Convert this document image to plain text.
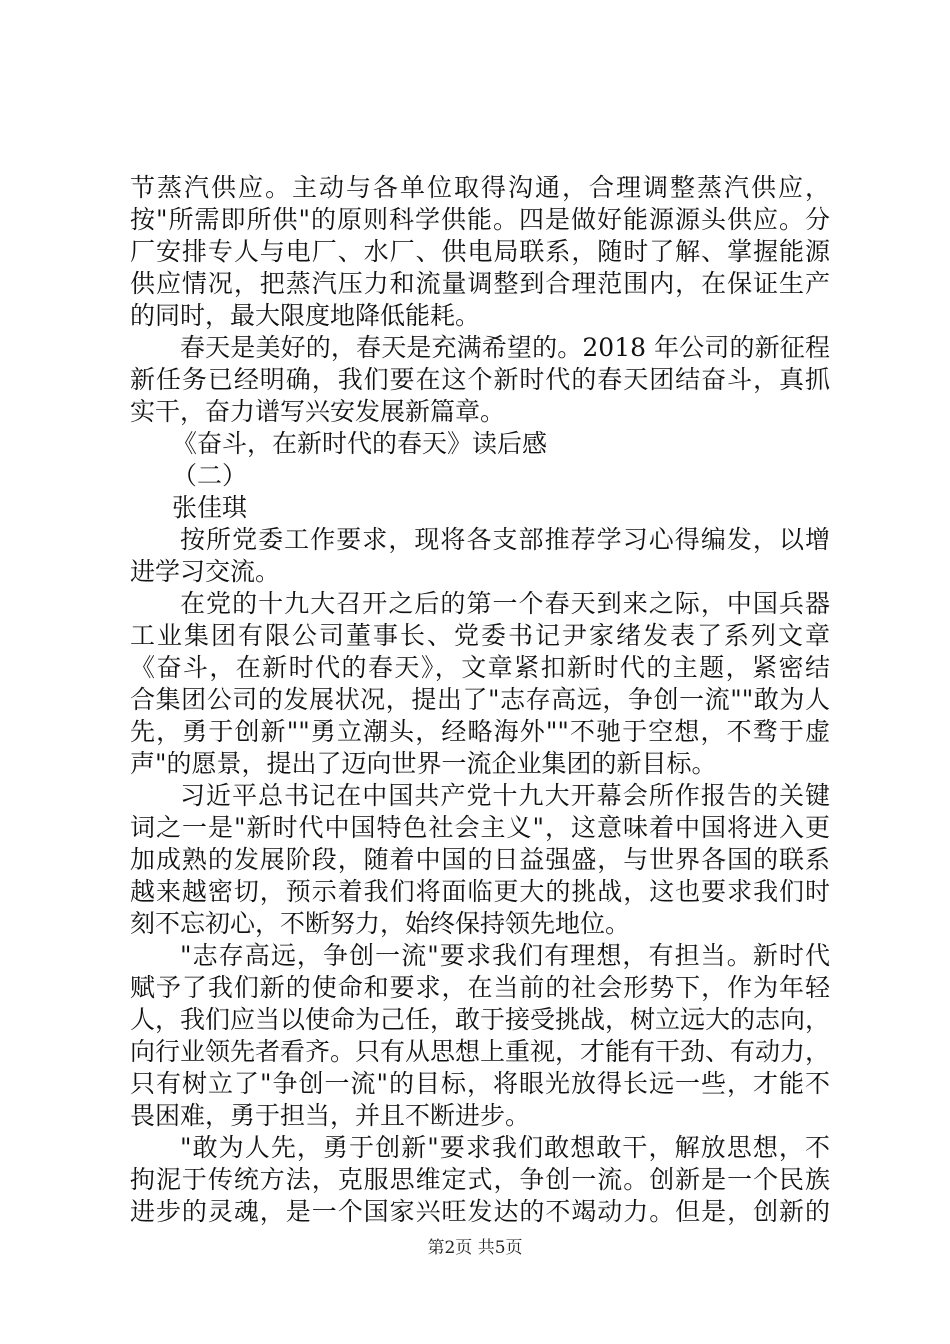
节蒸汽供应。主动与各单位取得沟通，合理调整蒸汽供应，
按"所需即所供"的原则科学供能。四是做好能源源头供应。分
厂安排专人与电厂、水厂、供电局联系，随时了解、掌握能源
供应情况，把蒸汽压力和流量调整到合理范围内，在保证生产
的同时，最大限度地降低能耗。
春天是美好的，春天是充满希望的。2018 年公司的新征程
新任务已经明确，我们要在这个新时代的春天团结奋斗，真抓
实干，奋力谱写兴安发展新篇章。
《奋斗，在新时代的春天》读后感
（二）
张佳琪
按所党委工作要求，现将各支部推荐学习心得编发，以增
进学习交流。
在党的十九大召开之后的第一个春天到来之际，中国兵器
工业集团有限公司董事长、党委书记尹家绪发表了系列文章
《奋斗，在新时代的春天》，文章紧扣新时代的主题，紧密结
合集团公司的发展状况，提出了"志存高远，争创一流""敢为人
先，勇于创新""勇立潮头，经略海外""不驰于空想，不骛于虚
声"的愿景，提出了迈向世界一流企业集团的新目标。
习近平总书记在中国共产党十九大开幕会所作报告的关键
词之一是"新时代中国特色社会主义"，这意味着中国将进入更
加成熟的发展阶段，随着中国的日益强盛，与世界各国的联系
越来越密切，预示着我们将面临更大的挑战，这也要求我们时
刻不忘初心，不断努力，始终保持领先地位。
"志存高远，争创一流"要求我们有理想，有担当。新时代
赋予了我们新的使命和要求，在当前的社会形势下，作为年轻
人，我们应当以使命为己任，敢于接受挑战，树立远大的志向，
向行业领先者看齐。只有从思想上重视，才能有干劲、有动力，
只有树立了"争创一流"的目标，将眼光放得长远一些，才能不
畏困难，勇于担当，并且不断进步。
"敢为人先，勇于创新"要求我们敢想敢干，解放思想，不
拘泥于传统方法，克服思维定式，争创一流。创新是一个民族
进步的灵魂，是一个国家兴旺发达的不竭动力。但是，创新的
第2页 共5页
